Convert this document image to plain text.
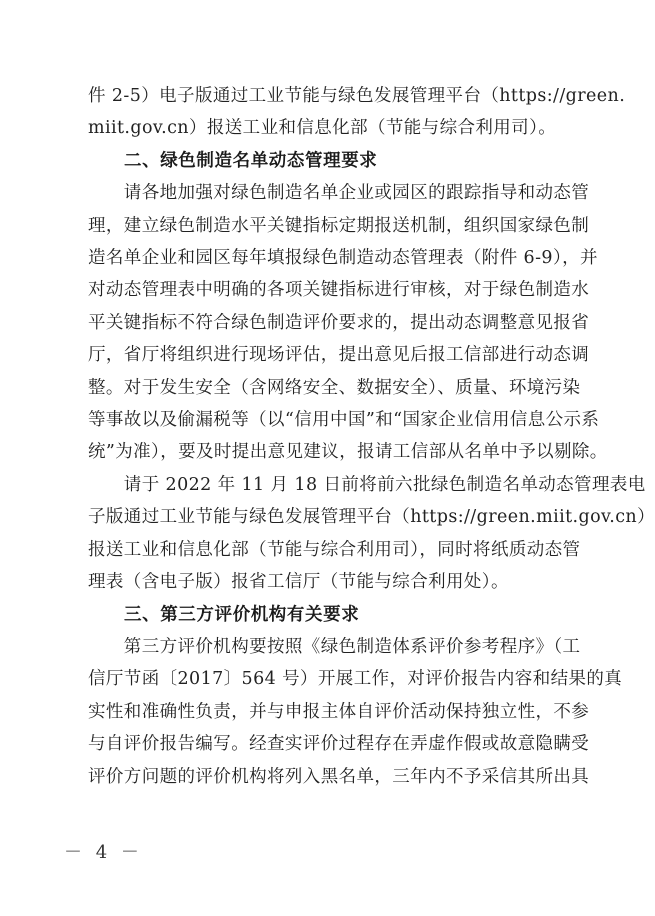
件 2-5）电子版通过工业节能与绿色发展管理平台（https://green.
miit.gov.cn）报送工业和信息化部（节能与综合利用司）。
二、绿色制造名单动态管理要求
　　请各地加强对绿色制造名单企业或园区的跟踪指导和动态管
理，建立绿色制造水平关键指标定期报送机制，组织国家绿色制
造名单企业和园区每年填报绿色制造动态管理表（附件 6-9），并
对动态管理表中明确的各项关键指标进行审核，对于绿色制造水
平关键指标不符合绿色制造评价要求的，提出动态调整意见报省
厅，省厅将组织进行现场评估，提出意见后报工信部进行动态调
整。对于发生安全（含网络安全、数据安全）、质量、环境污染
等事故以及偷漏税等（以“信用中国”和“国家企业信用信息公示系
统”为准），要及时提出意见建议，报请工信部从名单中予以剔除。
　　请于 2022 年 11 月 18 日前将前六批绿色制造名单动态管理表电
子版通过工业节能与绿色发展管理平台（https://green.miit.gov.cn）
报送工业和信息化部（节能与综合利用司），同时将纸质动态管
理表（含电子版）报省工信厅（节能与综合利用处）。
三、第三方评价机构有关要求
　　第三方评价机构要按照《绿色制造体系评价参考程序》（工
信厅节函〔2017〕564 号）开展工作，对评价报告内容和结果的真
实性和准确性负责，并与申报主体自评价活动保持独立性，不参
与自评价报告编写。经查实评价过程存在弄虚作假或故意隐瞒受
评价方问题的评价机构将列入黑名单，三年内不予采信其所出具
－ 4 －
